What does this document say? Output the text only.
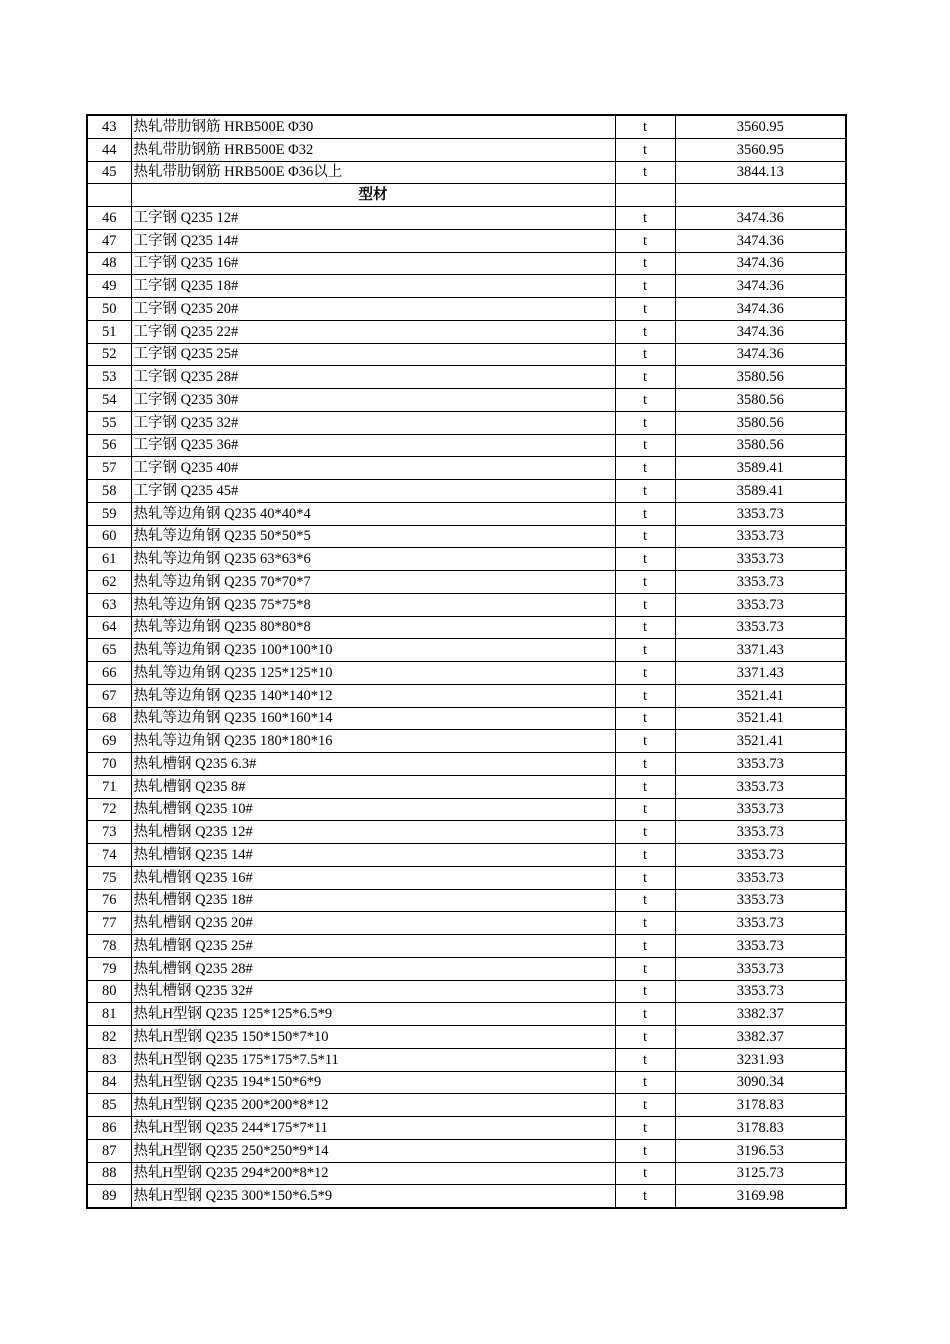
43	热轧带肋钢筋 HRB500E Φ30	t	3560.95
44	热轧带肋钢筋 HRB500E Φ32	t	3560.95
45	热轧带肋钢筋 HRB500E Φ36以上	t	3844.13
	型材		
46	工字钢 Q235 12#	t	3474.36
47	工字钢 Q235 14#	t	3474.36
48	工字钢 Q235 16#	t	3474.36
49	工字钢 Q235 18#	t	3474.36
50	工字钢 Q235 20#	t	3474.36
51	工字钢 Q235 22#	t	3474.36
52	工字钢 Q235 25#	t	3474.36
53	工字钢 Q235 28#	t	3580.56
54	工字钢 Q235 30#	t	3580.56
55	工字钢 Q235 32#	t	3580.56
56	工字钢 Q235 36#	t	3580.56
57	工字钢 Q235 40#	t	3589.41
58	工字钢 Q235 45#	t	3589.41
59	热轧等边角钢 Q235 40*40*4	t	3353.73
60	热轧等边角钢 Q235 50*50*5	t	3353.73
61	热轧等边角钢 Q235 63*63*6	t	3353.73
62	热轧等边角钢 Q235 70*70*7	t	3353.73
63	热轧等边角钢 Q235 75*75*8	t	3353.73
64	热轧等边角钢 Q235 80*80*8	t	3353.73
65	热轧等边角钢 Q235 100*100*10	t	3371.43
66	热轧等边角钢 Q235 125*125*10	t	3371.43
67	热轧等边角钢 Q235 140*140*12	t	3521.41
68	热轧等边角钢 Q235 160*160*14	t	3521.41
69	热轧等边角钢 Q235 180*180*16	t	3521.41
70	热轧槽钢 Q235 6.3#	t	3353.73
71	热轧槽钢 Q235 8#	t	3353.73
72	热轧槽钢 Q235 10#	t	3353.73
73	热轧槽钢 Q235 12#	t	3353.73
74	热轧槽钢 Q235 14#	t	3353.73
75	热轧槽钢 Q235 16#	t	3353.73
76	热轧槽钢 Q235 18#	t	3353.73
77	热轧槽钢 Q235 20#	t	3353.73
78	热轧槽钢 Q235 25#	t	3353.73
79	热轧槽钢 Q235 28#	t	3353.73
80	热轧槽钢 Q235 32#	t	3353.73
81	热轧H型钢 Q235 125*125*6.5*9	t	3382.37
82	热轧H型钢 Q235 150*150*7*10	t	3382.37
83	热轧H型钢 Q235 175*175*7.5*11	t	3231.93
84	热轧H型钢 Q235 194*150*6*9	t	3090.34
85	热轧H型钢 Q235 200*200*8*12	t	3178.83
86	热轧H型钢 Q235 244*175*7*11	t	3178.83
87	热轧H型钢 Q235 250*250*9*14	t	3196.53
88	热轧H型钢 Q235 294*200*8*12	t	3125.73
89	热轧H型钢 Q235 300*150*6.5*9	t	3169.98
